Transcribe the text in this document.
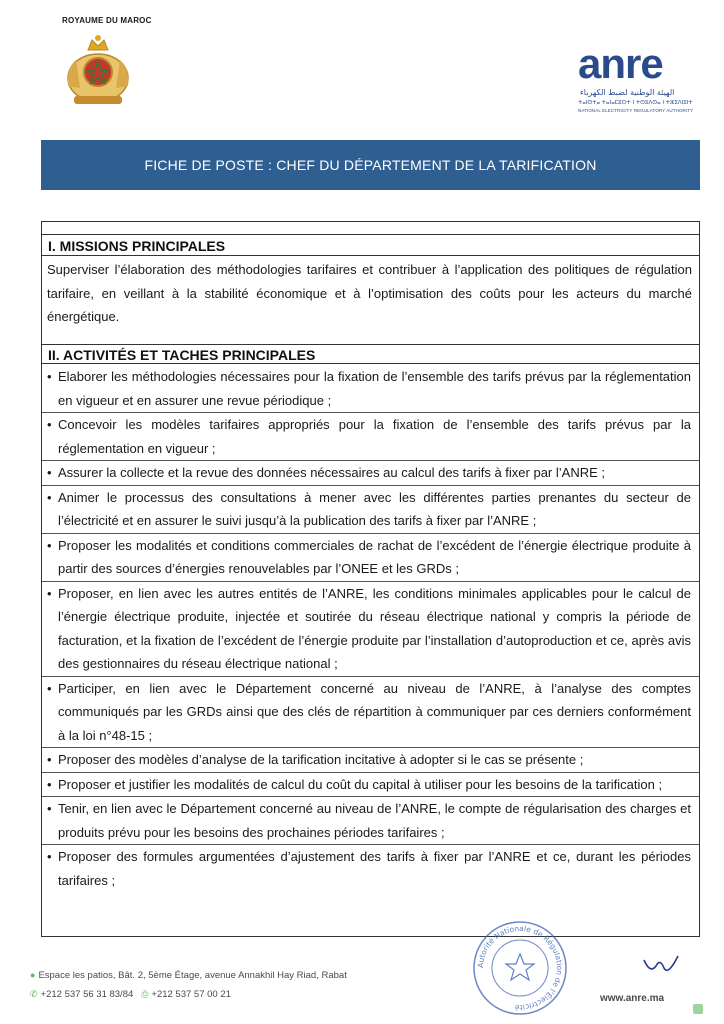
ROYAUME DU MAROC
anre
الهيئة الوطنية لضبط الكهرباء
ⵜⴰⵏⵙⵜⴰ ⵜⴰⵏⴰⵎⵓⵔⵜ ⵏ ⵜⵙⵓⴷⵙⴰ ⵏ ⵜⵣⵉⴷⵏⵓⵏⵜ
NATIONAL ELECTRICITY REGULATORY AUTHORITY
FICHE DE POSTE : CHEF DU DÉPARTEMENT DE LA TARIFICATION
I. MISSIONS PRINCIPALES
Superviser l’élaboration des méthodologies tarifaires et contribuer à l’application des politiques de régulation tarifaire, en veillant à la stabilité économique et à l’optimisation des coûts pour les acteurs du marché énergétique.
II. ACTIVITÉS ET TACHES PRINCIPALES
• Elaborer les méthodologies nécessaires pour la fixation de l’ensemble des tarifs prévus par la réglementation en vigueur et en assurer une revue périodique ;
• Concevoir les modèles tarifaires appropriés pour la fixation de l’ensemble des tarifs prévus par la réglementation en vigueur ;
• Assurer la collecte et la revue des données nécessaires au calcul des tarifs à fixer par l’ANRE ;
• Animer le processus des consultations à mener avec les différentes parties prenantes du secteur de l’électricité et en assurer le suivi jusqu’à la publication des tarifs à fixer par l’ANRE ;
• Proposer les modalités et conditions commerciales de rachat de l’excédent de l’énergie électrique produite à partir des sources d’énergies renouvelables par l’ONEE et les GRDs ;
• Proposer, en lien avec les autres entités de l’ANRE, les conditions minimales applicables pour le calcul de l’énergie électrique produite, injectée et soutirée du réseau électrique national y compris la période de facturation, et la fixation de l’excédent de l’énergie produite par l’installation d’autoproduction et ce, après avis des gestionnaires du réseau électrique national ;
• Participer, en lien avec le Département concerné au niveau de l’ANRE, à l’analyse des comptes communiqués par les GRDs ainsi que des clés de répartition à communiquer par ces derniers conformément à la loi n°48-15 ;
• Proposer des modèles d’analyse de la tarification incitative à adopter si le cas se présente ;
• Proposer et justifier les modalités de calcul du coût du capital à utiliser pour les besoins de la tarification ;
• Tenir, en lien avec le Département concerné au niveau de l’ANRE, le compte de régularisation des charges et produits prévu pour les besoins des prochaines périodes tarifaires ;
• Proposer des formules argumentées d’ajustement des tarifs à fixer par l’ANRE et ce, durant les périodes tarifaires ;
● Espace les patios, Bât. 2, 5ème Étage, avenue Annakhil Hay Riad, Rabat
✆ +212 537 56 31 83/84 ⎙ +212 537 57 00 21
Autorité Nationale de Régulation de l’Électricité
www.anre.ma
